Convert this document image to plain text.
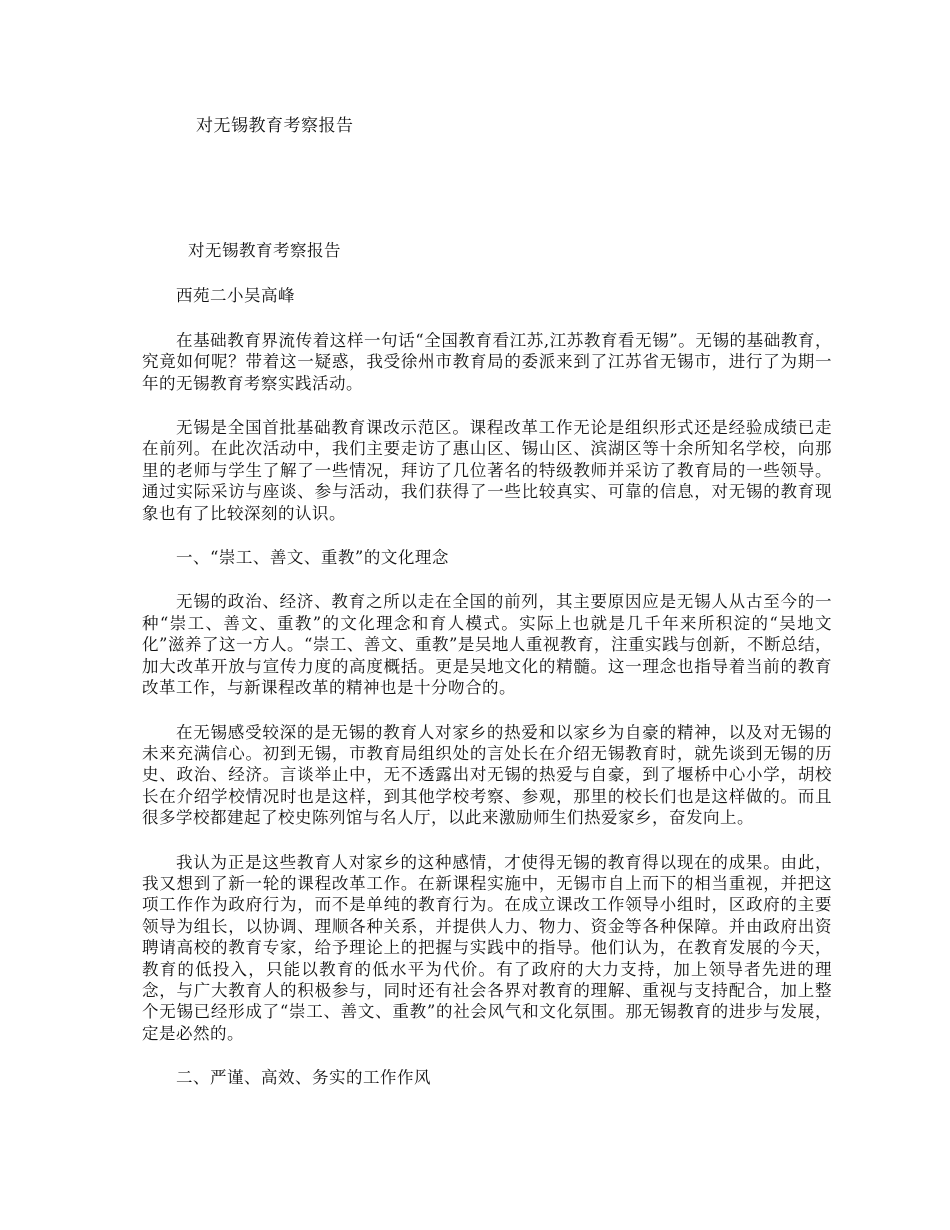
对无锡教育考察报告
对无锡教育考察报告

西苑二小吴高峰

在基础教育界流传着这样一句话“全国教育看江苏,江苏教育看无锡”。无锡的基础教育，究竟如何呢？带着这一疑惑，我受徐州市教育局的委派来到了江苏省无锡市，进行了为期一年的无锡教育考察实践活动。

无锡是全国首批基础教育课改示范区。课程改革工作无论是组织形式还是经验成绩已走在前列。在此次活动中，我们主要走访了惠山区、锡山区、滨湖区等十余所知名学校，向那里的老师与学生了解了一些情况，拜访了几位著名的特级教师并采访了教育局的一些领导。通过实际采访与座谈、参与活动，我们获得了一些比较真实、可靠的信息，对无锡的教育现象也有了比较深刻的认识。

一、“崇工、善文、重教”的文化理念

无锡的政治、经济、教育之所以走在全国的前列，其主要原因应是无锡人从古至今的一种“崇工、善文、重教”的文化理念和育人模式。实际上也就是几千年来所积淀的“吴地文化”滋养了这一方人。“崇工、善文、重教”是吴地人重视教育，注重实践与创新，不断总结，加大改革开放与宣传力度的高度概括。更是吴地文化的精髓。这一理念也指导着当前的教育改革工作，与新课程改革的精神也是十分吻合的。

在无锡感受较深的是无锡的教育人对家乡的热爱和以家乡为自豪的精神，以及对无锡的未来充满信心。初到无锡，市教育局组织处的言处长在介绍无锡教育时，就先谈到无锡的历史、政治、经济。言谈举止中，无不透露出对无锡的热爱与自豪，到了堰桥中心小学，胡校长在介绍学校情况时也是这样，到其他学校考察、参观，那里的校长们也是这样做的。而且很多学校都建起了校史陈列馆与名人厅，以此来激励师生们热爱家乡，奋发向上。

我认为正是这些教育人对家乡的这种感情，才使得无锡的教育得以现在的成果。由此，我又想到了新一轮的课程改革工作。在新课程实施中，无锡市自上而下的相当重视，并把这项工作作为政府行为，而不是单纯的教育行为。在成立课改工作领导小组时，区政府的主要领导为组长，以协调、理顺各种关系，并提供人力、物力、资金等各种保障。并由政府出资聘请高校的教育专家，给予理论上的把握与实践中的指导。他们认为，在教育发展的今天，教育的低投入，只能以教育的低水平为代价。有了政府的大力支持，加上领导者先进的理念，与广大教育人的积极参与，同时还有社会各界对教育的理解、重视与支持配合，加上整个无锡已经形成了“崇工、善文、重教”的社会风气和文化氛围。那无锡教育的进步与发展，定是必然的。

二、严谨、高效、务实的工作作风
